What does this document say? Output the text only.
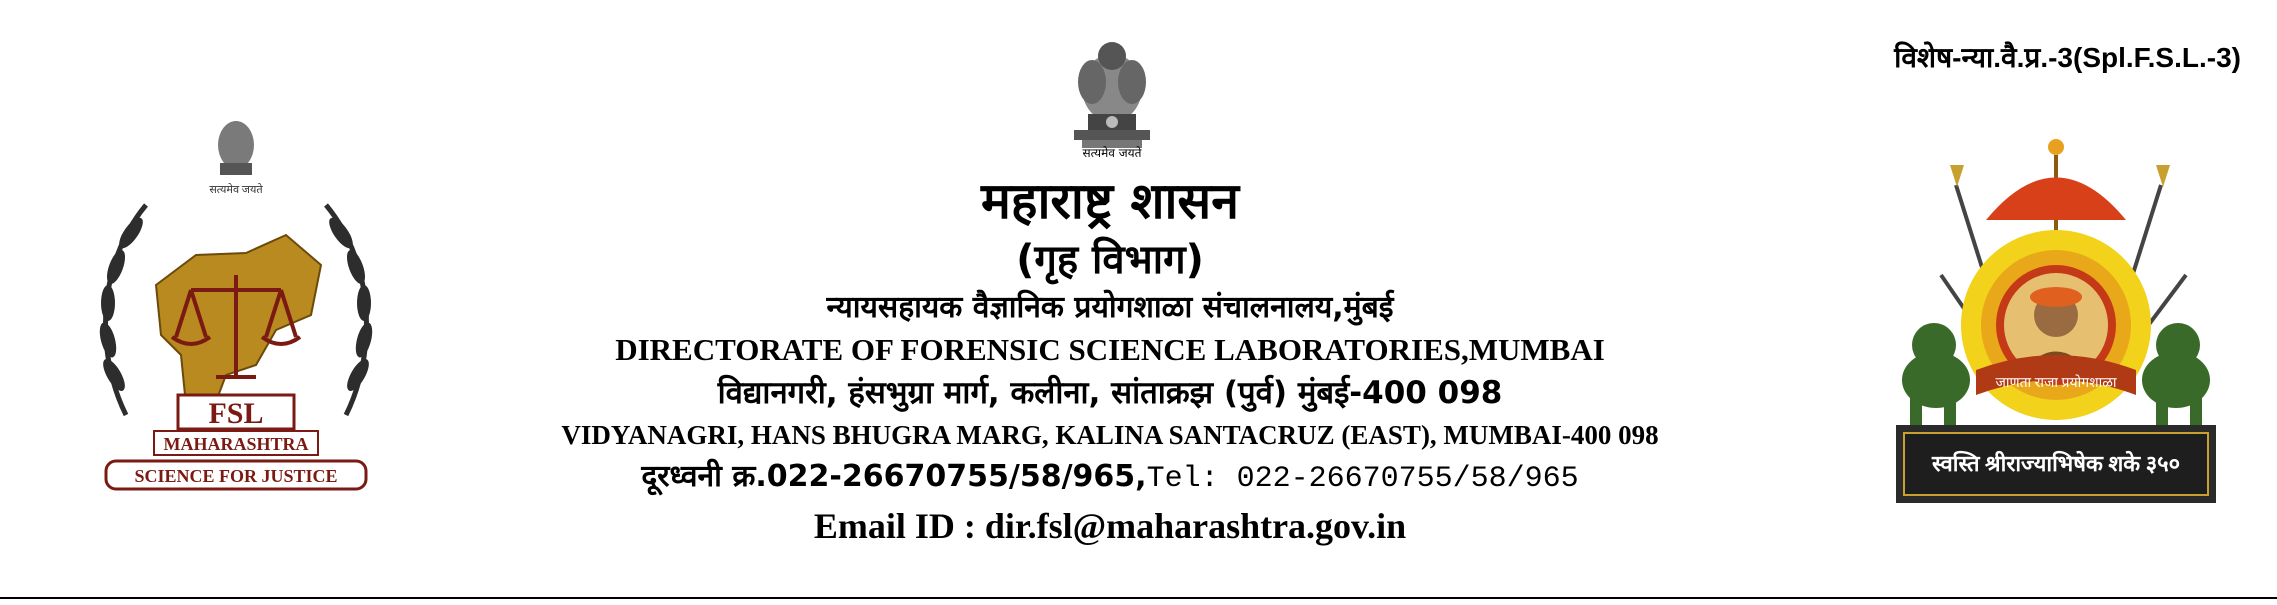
विशेष-न्या.वै.प्र.-3(Spl.F.S.L.-3)
सत्यमेव जयते
सत्यमेव जयते
FSL
MAHARASHTRA
SCIENCE FOR JUSTICE
जाणता राजा प्रयोगशाळा
स्वस्ति श्रीराज्याभिषेक शके ३५०
महाराष्ट्र शासन
(गृह विभाग)
न्यायसहायक वैज्ञानिक प्रयोगशाळा संचालनालय,मुंबई
DIRECTORATE OF FORENSIC SCIENCE LABORATORIES,MUMBAI
विद्यानगरी, हंसभुग्रा मार्ग, कलीना, सांताक्रझ (पुर्व) मुंबई-400 098
VIDYANAGRI, HANS BHUGRA MARG, KALINA SANTACRUZ (EAST), MUMBAI-400 098
दूरध्वनी क्र.022-26670755/58/965,Tel: 022-26670755/58/965
Email ID : dir.fsl@maharashtra.gov.in
